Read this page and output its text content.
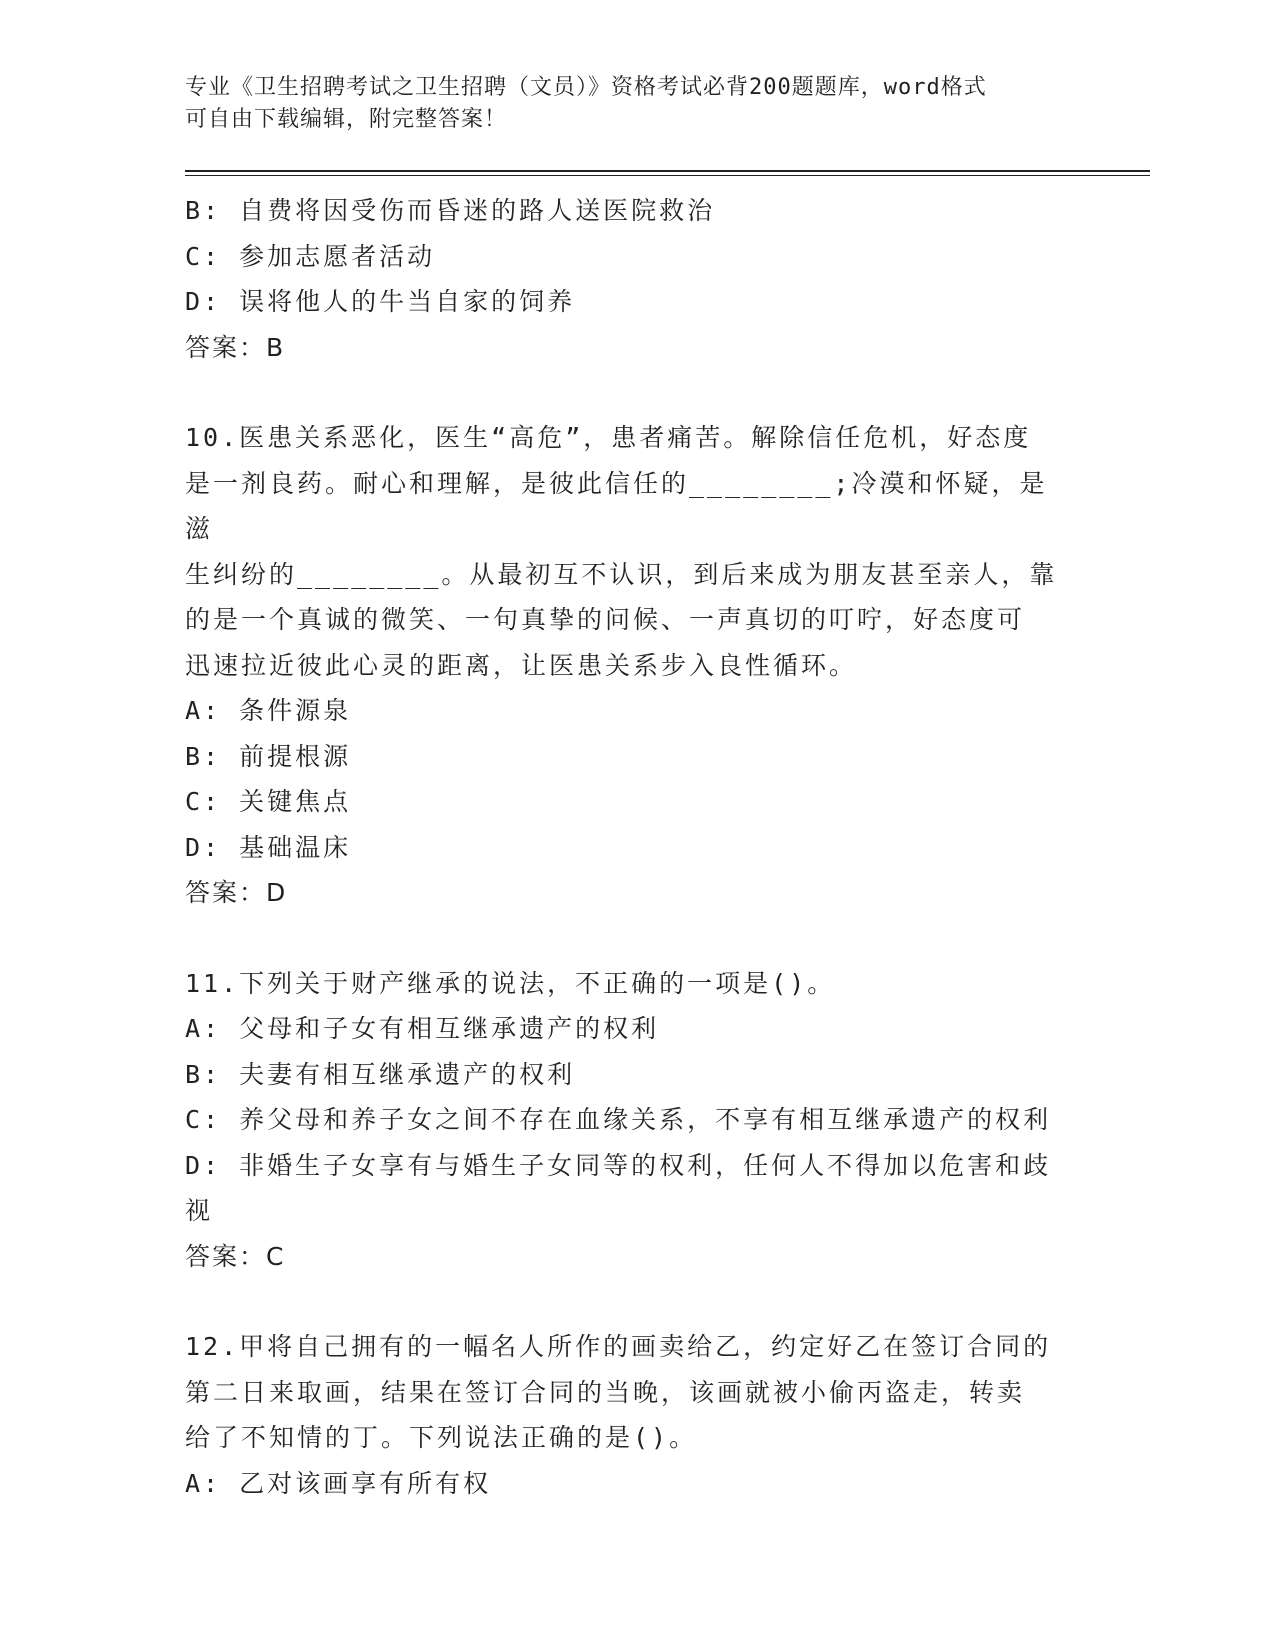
专业《卫生招聘考试之卫生招聘（文员）》资格考试必背200题题库，word格式
可自由下载编辑，附完整答案！
B: 自费将因受伤而昏迷的路人送医院救治
C: 参加志愿者活动
D: 误将他人的牛当自家的饲养
答案：B
10.医患关系恶化，医生“高危”，患者痛苦。解除信任危机，好态度
是一剂良药。耐心和理解，是彼此信任的________;冷漠和怀疑，是滋
生纠纷的________。从最初互不认识，到后来成为朋友甚至亲人，靠
的是一个真诚的微笑、一句真挚的问候、一声真切的叮咛，好态度可
迅速拉近彼此心灵的距离，让医患关系步入良性循环。
A: 条件源泉
B: 前提根源
C: 关键焦点
D: 基础温床
答案：D
11.下列关于财产继承的说法，不正确的一项是()。
A: 父母和子女有相互继承遗产的权利
B: 夫妻有相互继承遗产的权利
C: 养父母和养子女之间不存在血缘关系，不享有相互继承遗产的权利
D: 非婚生子女享有与婚生子女同等的权利，任何人不得加以危害和歧
视
答案：C
12.甲将自己拥有的一幅名人所作的画卖给乙，约定好乙在签订合同的
第二日来取画，结果在签订合同的当晚，该画就被小偷丙盗走，转卖
给了不知情的丁。下列说法正确的是()。
A: 乙对该画享有所有权
